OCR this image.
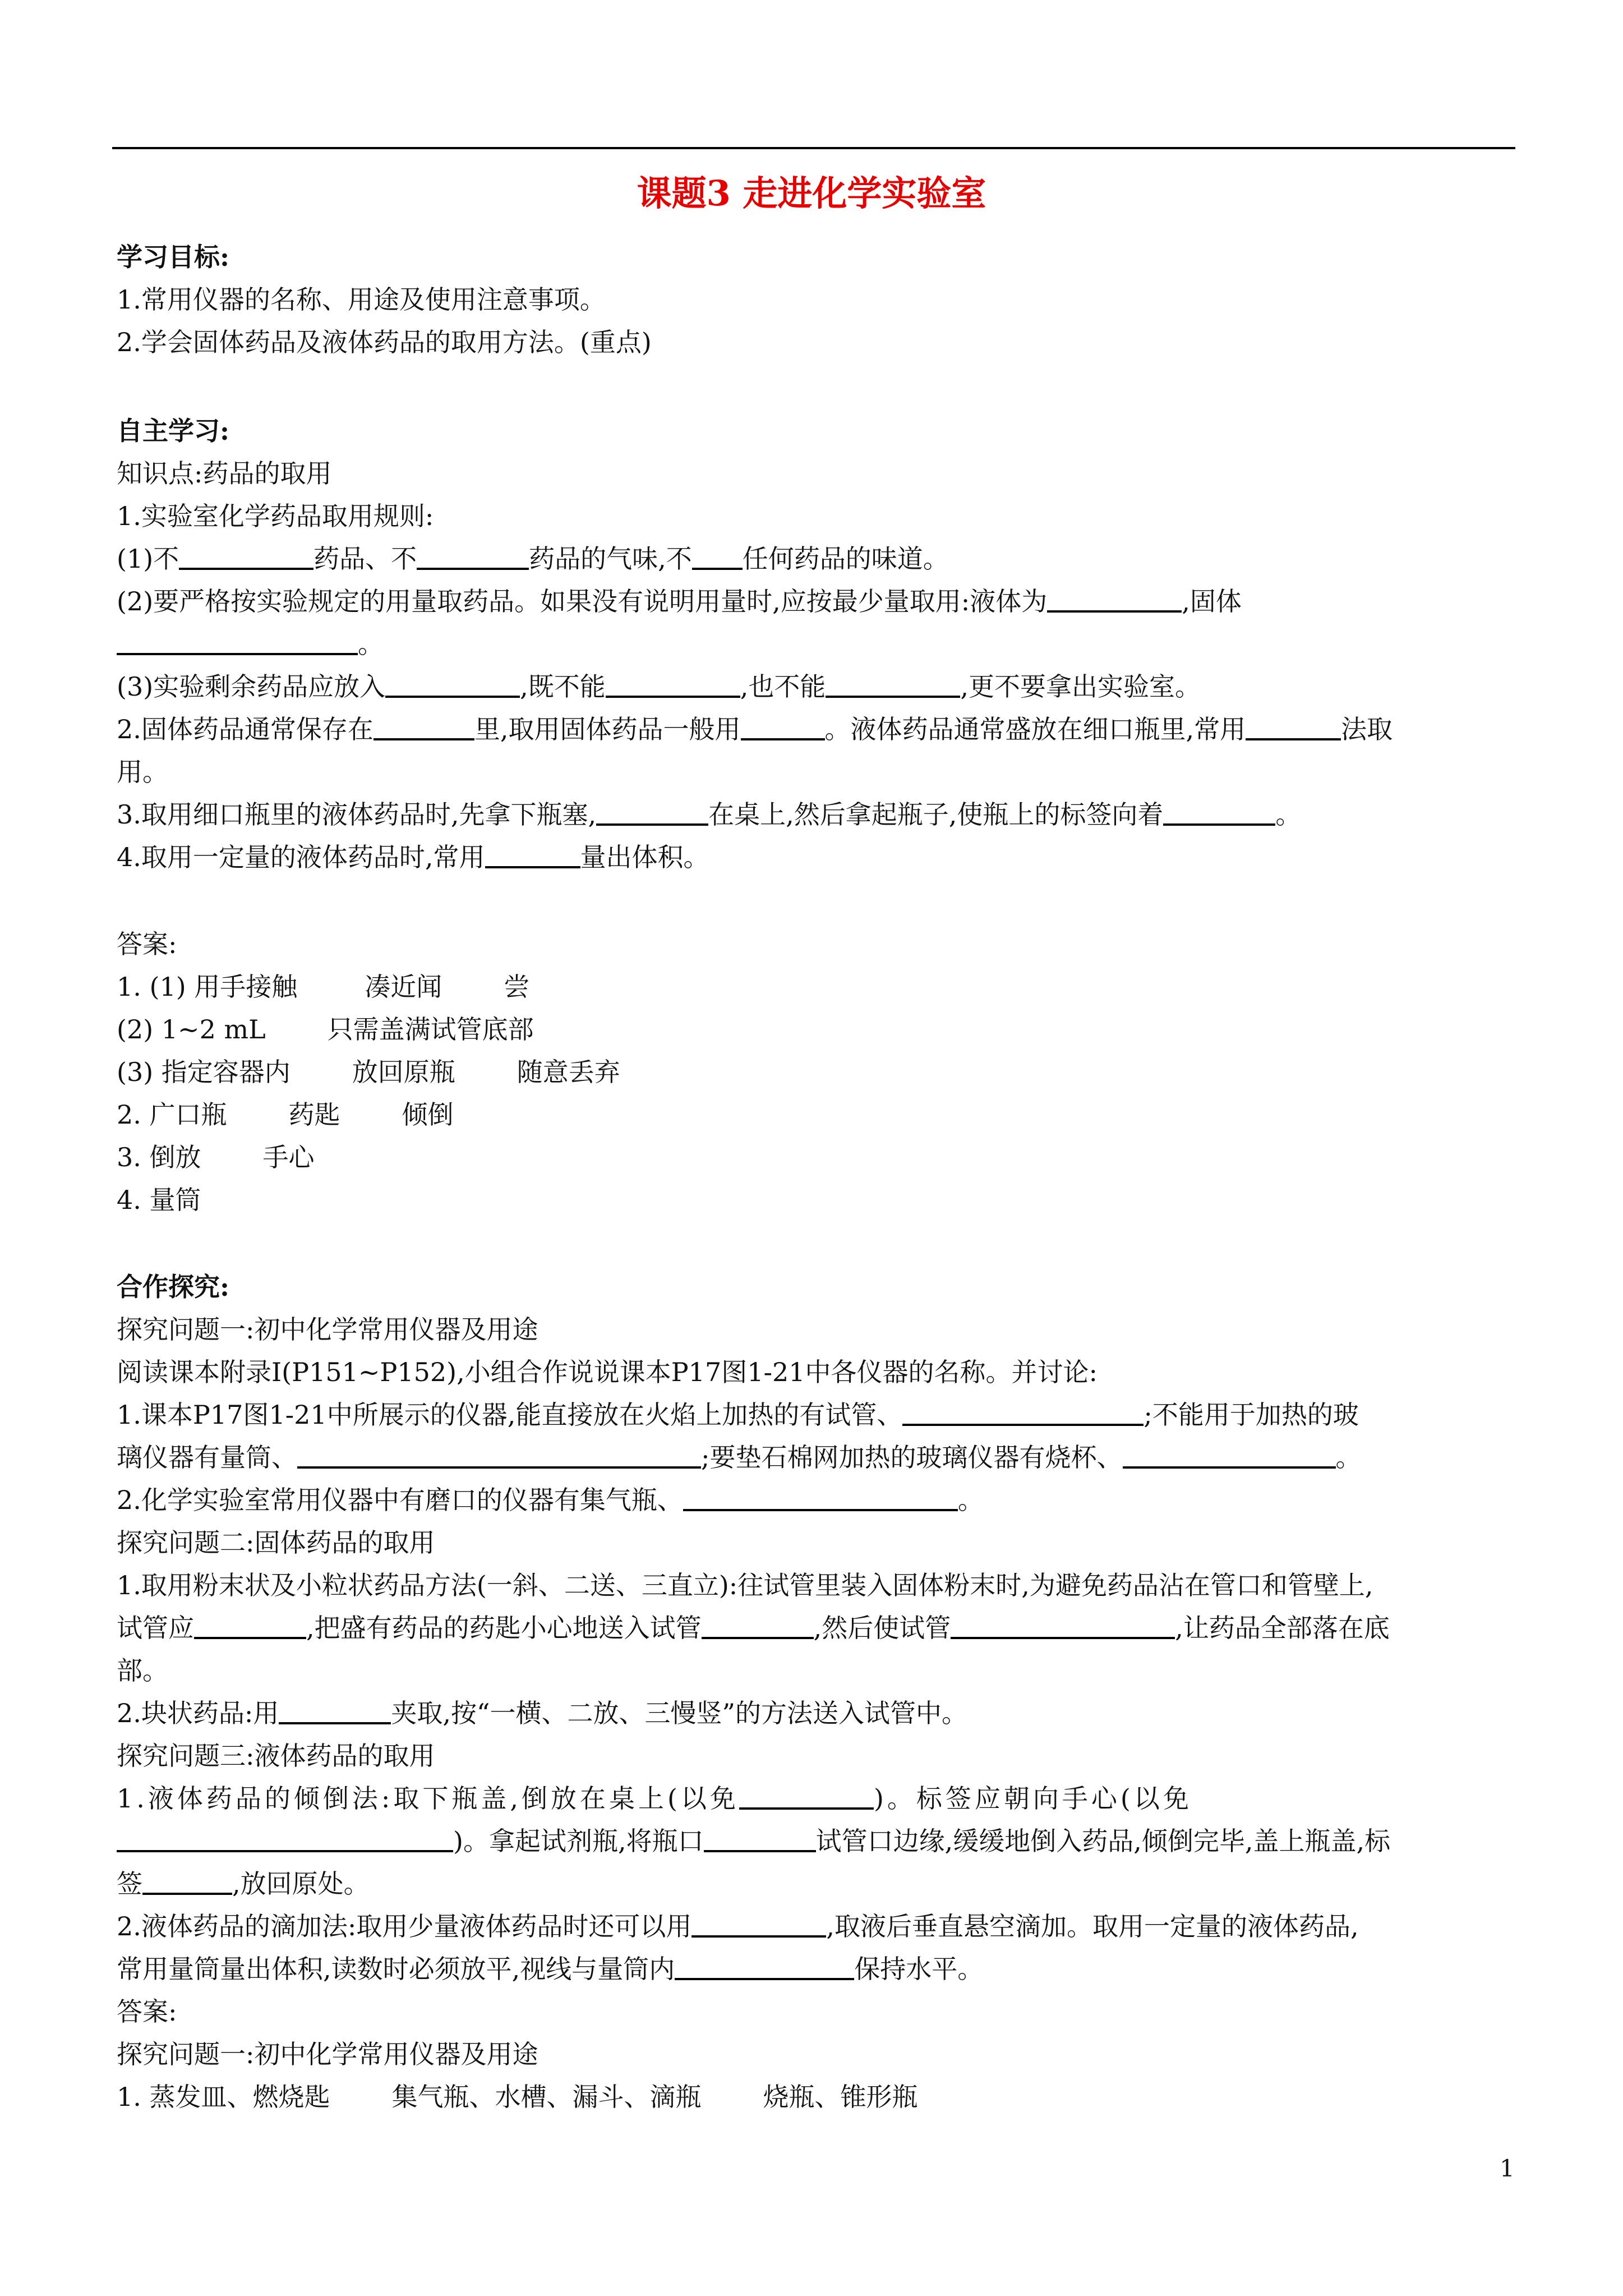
课题3 走进化学实验室
学习目标:
1.常用仪器的名称、用途及使用注意事项。
2.学会固体药品及液体药品的取用方法。(重点)
自主学习:
知识点:药品的取用
1.实验室化学药品取用规则:
(1)不	药品、不	药品的气味,不 任何药品的味道。
(2)要严格按实验规定的用量取药品。如果没有说明用量时,应按最少量取用:液体为	,固体
。
(3)实验剩余药品应放入	,既不能	,也不能	,更不要拿出实验室。
2.固体药品通常保存在	里,取用固体药品一般用	。液体药品通常盛放在细口瓶里,常用	法取
用。
3.取用细口瓶里的液体药品时,先拿下瓶塞,	在桌上,然后拿起瓶子,使瓶上的标签向着	。
4.取用一定量的液体药品时,常用	量出体积。
答案:
1. (1) 用手接触	凑近闻 尝
(2) 1~2 mL 只需盖满试管底部
(3) 指定容器内 放回原瓶 随意丢弃
2. 广口瓶 药匙 倾倒
3. 倒放 手心
4. 量筒
合作探究:
探究问题一:初中化学常用仪器及用途
阅读课本附录Ⅰ(P151~P152),小组合作说说课本P17图1-21中各仪器的名称。并讨论:
1.课本P17图1-21中所展示的仪器,能直接放在火焰上加热的有试管、	;不能用于加热的玻
璃仪器有量筒、	;要垫石棉网加热的玻璃仪器有烧杯、	。
2.化学实验室常用仪器中有磨口的仪器有集气瓶、	。
探究问题二:固体药品的取用
1.取用粉末状及小粒状药品方法(一斜、二送、三直立):往试管里装入固体粉末时,为避免药品沾在管口和管壁上,
试管应	,把盛有药品的药匙小心地送入试管	,然后使试管	,让药品全部落在底
部。
2.块状药品:用	夹取,按“一横、二放、三慢竖”的方法送入试管中。
探究问题三:液体药品的取用
1.液体药品的倾倒法:取下瓶盖,倒放在桌上(以免	)。标签应朝向手心(以免
)。拿起试剂瓶,将瓶口	试管口边缘,缓缓地倒入药品,倾倒完毕,盖上瓶盖,标
签	,放回原处。
2.液体药品的滴加法:取用少量液体药品时还可以用	,取液后垂直悬空滴加。取用一定量的液体药品,
常用量筒量出体积,读数时必须放平,视线与量筒内	保持水平。
答案:
探究问题一:初中化学常用仪器及用途
1. 蒸发皿、燃烧匙 集气瓶、水槽、漏斗、滴瓶 烧瓶、锥形瓶
1
